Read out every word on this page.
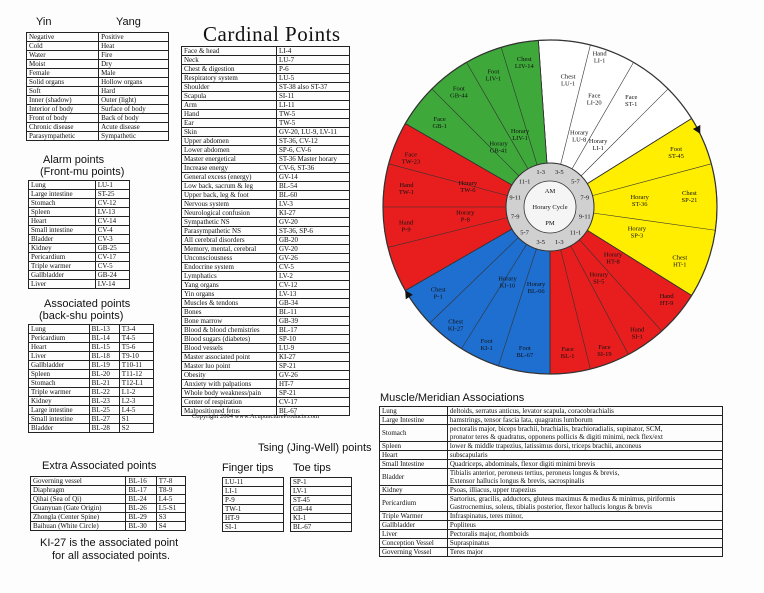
Yin	Yang
Negative	Positive
Cold	Heat
Water	Fire
Moist	Dry
Female	Male
Solid organs	Hollow organs
Soft	Hard
Inner (shadow)	Outer (light)
Interior of body	Surface of body
Front of body	Back of body
Chronic disease	Acute disease
Parasympathetic	Sympathetic
Alarm points
(Front-mu points)
Lung	LU-1
Large intestine	ST-25
Stomach	CV-12
Spleen	LV-13
Heart	CV-14
Small intestine	CV-4
Bladder	CV-3
Kidney	GB-25
Pericardium	CV-17
Triple warmer	CV-5
Gallbladder	GB-24
Liver	LV-14
Associated points
(back-shu points)
Lung	BL-13	T3-4
Pericardium	BL-14	T4-5
Heart	BL-15	T5-6
Liver	BL-18	T9-10
Gallbladder	BL-19	T10-11
Spleen	BL-20	T11-12
Stomach	BL-21	T12-L1
Triple warmer	BL-22	L1-2
Kidney	BL-23	L2-3
Large intestine	BL-25	L4-5
Small intestine	BL-27	S1
Bladder	BL-28	S2
Extra Associated points
Governing vessel	BL-16	T7-8
Diaphragm	BL-17	T8-9
Qihai (Sea of Qi)	BL-24	L4-5
Guanyuan (Gate Origin)	BL-26	L5-S1
Zhongla (Center Spine)	BL-29	S3
Baihuan (White Circle)	BL-30	S4
KI-27 is the associated point
for all associated points.
Cardinal Points
Face & head	LI-4
Neck	LU-7
Chest & digestion	P-6
Respiratory system	LU-5
Shoulder	ST-38 also ST-37
Scapula	SI-11
Arm	LI-11
Hand	TW-5
Ear	TW-5
Skin	GV-20, LU-9, LV-11
Upper abdomen	ST-36, CV-12
Lower abdomen	SP-6, CV-6
Master energetical	ST-36 Master horary
Increase energy	CV-6, ST-36
General excess (energy)	GV-14
Low back, sacrum & leg	BL-54
Upper back, leg & foot	BL-60
Nervous system	LV-3
Neurological confusion	KI-27
Sympathetic NS	GV-20
Parasympathetic NS	ST-36, SP-6
All cerebral disorders	GB-20
Memory, mental, cerebral	GV-20
Unconsciousness	GV-26
Endocrine system	CV-5
Lymphatics	LV-2
Yang organs	CV-12
Yin organs	LV-13
Muscles & tendons	GB-34
Bones	BL-11
Bone marrow	GB-39
Blood & blood chemistries	BL-17
Blood sugars (diabetes)	SP-10
Blood vessels	LU-9
Master associated point	KI-27
Master luo point	SP-21
Obesity	GV-26
Anxiety with palpations	HT-7
Whole body weakness/pain	SP-21
Center of respiration	CV-17
Malpositioned fetus	BL-67
Copyright 2004 www.AcupunctureProducts.com
Tsing (Jing-Well) points
Finger tips Toe tips
LU-11
LI-1
P-9
TW-1
HT-9
SI-1
SP-1
LV-1
ST-45
GB-44
KI-1
BL-67
Muscle/Meridian Associations
Lung	deltoids, serratus anticus, levator scapula, coracobrachialis
Large Intestine	hamstrings, tensor fascia lata, quagratus lumborum
Stomach	pectoralis major, biceps brachii, brachialis, brachioradialis, supinator, SCM,
pronator teres & quadratus, opponens pollicis & digiti minimi, neck flex/ext
Spleen	lower & middle trapezius, latissimus dorsi, triceps brachii, anconeus
Heart	subscapularis
Small Intestine	Quadriceps, abdominals, flexor digiti minimi brevis
Bladder	Tibialis anterior, peroneus tertius, peroneus longus & brevis,
Extensor hallucis longus & brevis, sacrospinalis
Kidney	Psoas, illiacus, upper trapezius
Pericardium	Sartorius, gracilis, adductors, gluteus maximus & medius & minimus, piriformis
Gastrocnemius, soleus, tibialis posterior, flexor hallucis longus & brevis
Triple Warmer	Infraspinatus, teres minor,
Gallbladder	Popliteus
Liver	Pectoralis major, rhomboids
Conception Vessel	Supraspinatus
Governing Vessel	Teres major
Horary Cycle
AM
PM
3-5
5-7
7-9
9-11
11-1
1-3
3-5
5-7
7-9
9-11
11-1
1-3
Chest
LU-1
Hand
LI-1
Horary
LU-8
Face
LI-20
Horary
LI-1
Face
ST-1
Horary
ST-36
Foot
ST-45
Horary
SP-3
Chest
SP-21
Horary
HT-8
Chest
HT-1
Horary
SI-5
Hand
HT-9
Hand
SI-1
Face
SI-19
Horary
BL-66
Face
BL-1
Horary
KI-10
Foot
BL-67
Foot
KI-1
Chest
KI-27
Horary
P-8
Chest
P-1
Horary
TW-6
Hand
P-9
Hand
TW-1
Face
TW-23
Horary
GB-41
Face
GB-1
Horary
LIV-1
Foot
GB-44
Foot
LIV-1
Chest
LIV-14
